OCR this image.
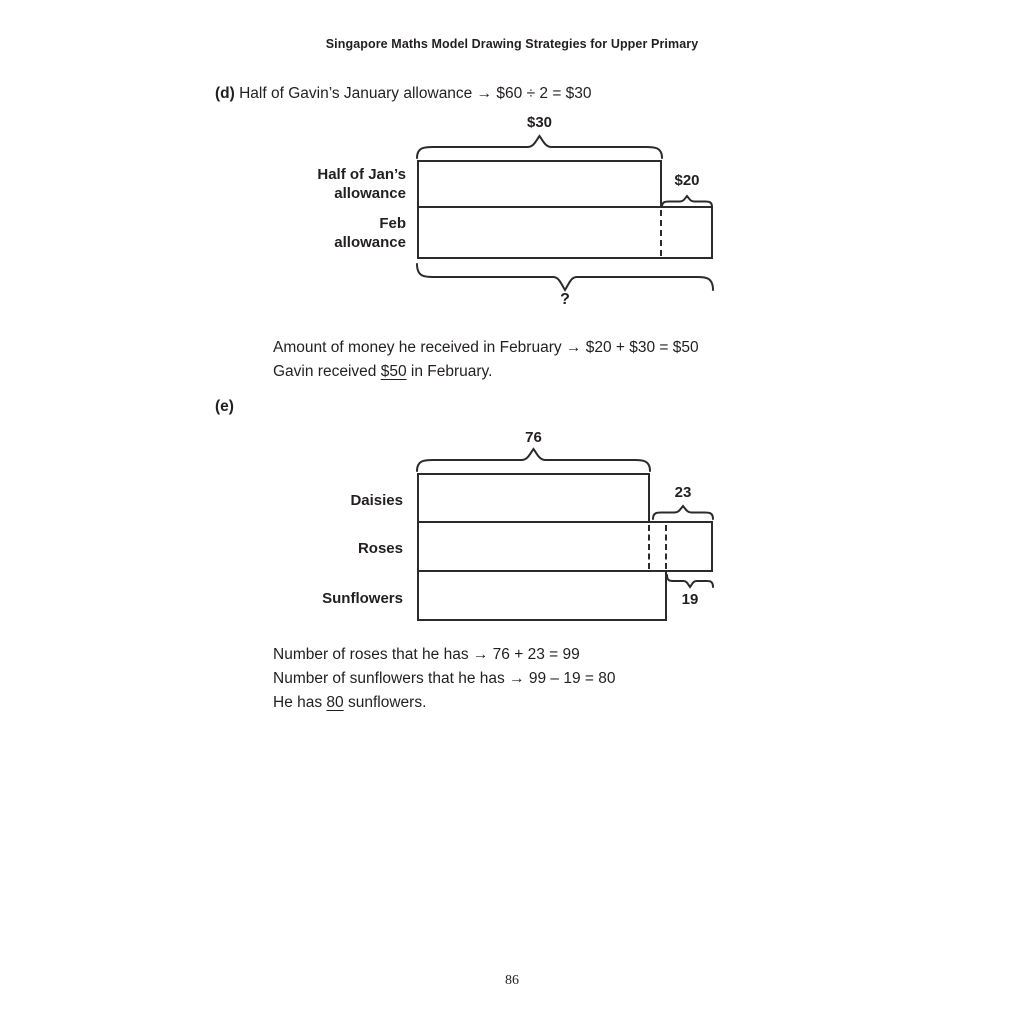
Singapore Maths Model Drawing Strategies for Upper Primary
(d) Half of Gavin’s January allowance → $60 ÷ 2 = $30
$30
Half of Jan’s
allowance
Feb
allowance
$20
?
Amount of money he received in February → $20 + $30 = $50
Gavin received $50 in February.
(e)
76
Daisies
Roses
Sunflowers
23
19
Number of roses that he has → 76 + 23 = 99
Number of sunflowers that he has → 99 – 19 = 80
He has 80 sunflowers.
86
